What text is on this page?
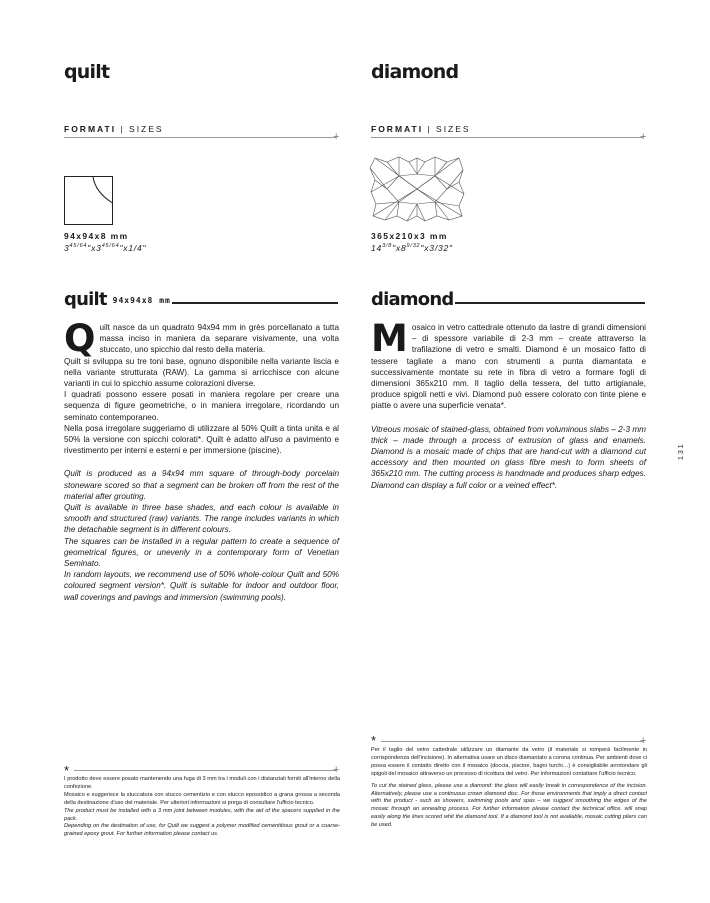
quilt
FORMATI | SIZES
+
94x94x8 mm
$3^{45/64}"x3^{45/64}"x1/4$"
quilt 94x94x8 mm

Quilt nasce da un quadrato 94x94 mm in grès porcellanato a tutta massa inciso in maniera da separare visivamente, una volta stuccato, uno spicchio dal resto della materia.

Quilt si sviluppa su tre toni base, ognuno disponibile nella variante liscia e nella variante strutturata (RAW). La gamma si arricchisce con alcune varianti in cui lo spicchio assume colorazioni diverse.

I quadrati possono essere posati in maniera regolare per creare una sequenza di figure geometriche, o in maniera irregolare, ricordando un seminato contemporaneo.

Nella posa irregolare suggeriamo di utilizzare al 50% Quilt a tinta unita e al 50% la versione con spicchi colorati*. Quilt è adatto all'uso a pavimento e rivestimento per interni e esterni e per immersione (piscine).

Quilt is produced as a 94x94 mm square of through-body porcelain stoneware scored so that a segment can be broken off from the rest of the material after grouting.

Quilt is available in three base shades, and each colour is available in smooth and structured (raw) variants. The range includes variants in which the detachable segment is in different colours.

The squares can be installed in a regular pattern to create a sequence of geometrical figures, or unevenly in a contemporary form of Venetian Seminato.

In random layouts, we recommend use of 50% whole-colour Quilt and 50% coloured segment version*. Quilt is suitable for indoor and outdoor floor, wall coverings and pavings and immersion (swimming pools).

*	+

I prodotto deve essere posato mantenendo una fuga di 3 mm tra i moduli con i distanziali forniti all'interno della confezione.

Mosaico e suggerisce la stuccatura con stucco cementizio e con stucco epossidico a grana grossa a seconda della destinazione d'uso del materiale. Per ulteriori informazioni si prega di consultare l'ufficio tecnico.

The product must be installed with a 3 mm joint between modules, with the aid of the spacers supplied in the pack.

Depending on the destination of use, for Quilt we suggest a polymer modified cementitious grout or a coarse-grained epoxy grout. For further information please contact us.

diamond
FORMATI | SIZES
+
365x210x3 mm
$14^{3/8}"x8^{9/32}"x3/32$"
diamond

Mosaico in vetro cattedrale ottenuto da lastre di grandi dimensioni – di spessore variabile di 2-3 mm – create attraverso la trafilazione di vetro e smalti. Diamond è un mosaico fatto di tessere tagliate a mano con strumenti a punta diamantata e successivamente montate su rete in fibra di vetro a formare fogli di dimensioni 365x210 mm. Il taglio della tessera, del tutto artigianale, produce spigoli netti e vivi. Diamond può essere colorato con tinte piene e piatte o avere una superficie venata*.

Vitreous mosaic of stained-glass, obtained from voluminous slabs – 2-3 mm thick – made through a process of extrusion of glass and enamels. Diamond is a mosaic made of chips that are hand-cut with a diamond cut accessory and then mounted on glass fibre mesh to form sheets of 365x210 mm. The cutting process is handmade and produces sharp edges. Diamond can display a full color or a veined effect*.

131
*	+

Per il taglio del vetro cattedrale utilizzare un diamante da vetro (il materiale si romperà facilmente in corrispondenza dell'incisione). In alternativa usare un disco diamantato a corona continua. Per ambienti dove ci possa essere il contatto diretto con il mosaico (doccia, piscine, bagni turchi…) è consigliabile arrotondare gli spigoli del mosaico attraverso un processo di ricottura del vetro. Per informazioni contattare l'ufficio tecnico.

To cut the stained glass, please use a diamond: the glass will easily break in correspondence of the incision. Alternatively, please use a continuous crown diamond disc. For those environments that imply a direct contact with the product - such as showers, swimming pools and spas – we suggest smoothing the edges of the mosaic through an annealing process. For further information please contact the technical office. will snap easily along the lines scored whit the diamond tool. If a diamond tool is not available, mosaic cutting pliers can be used.
